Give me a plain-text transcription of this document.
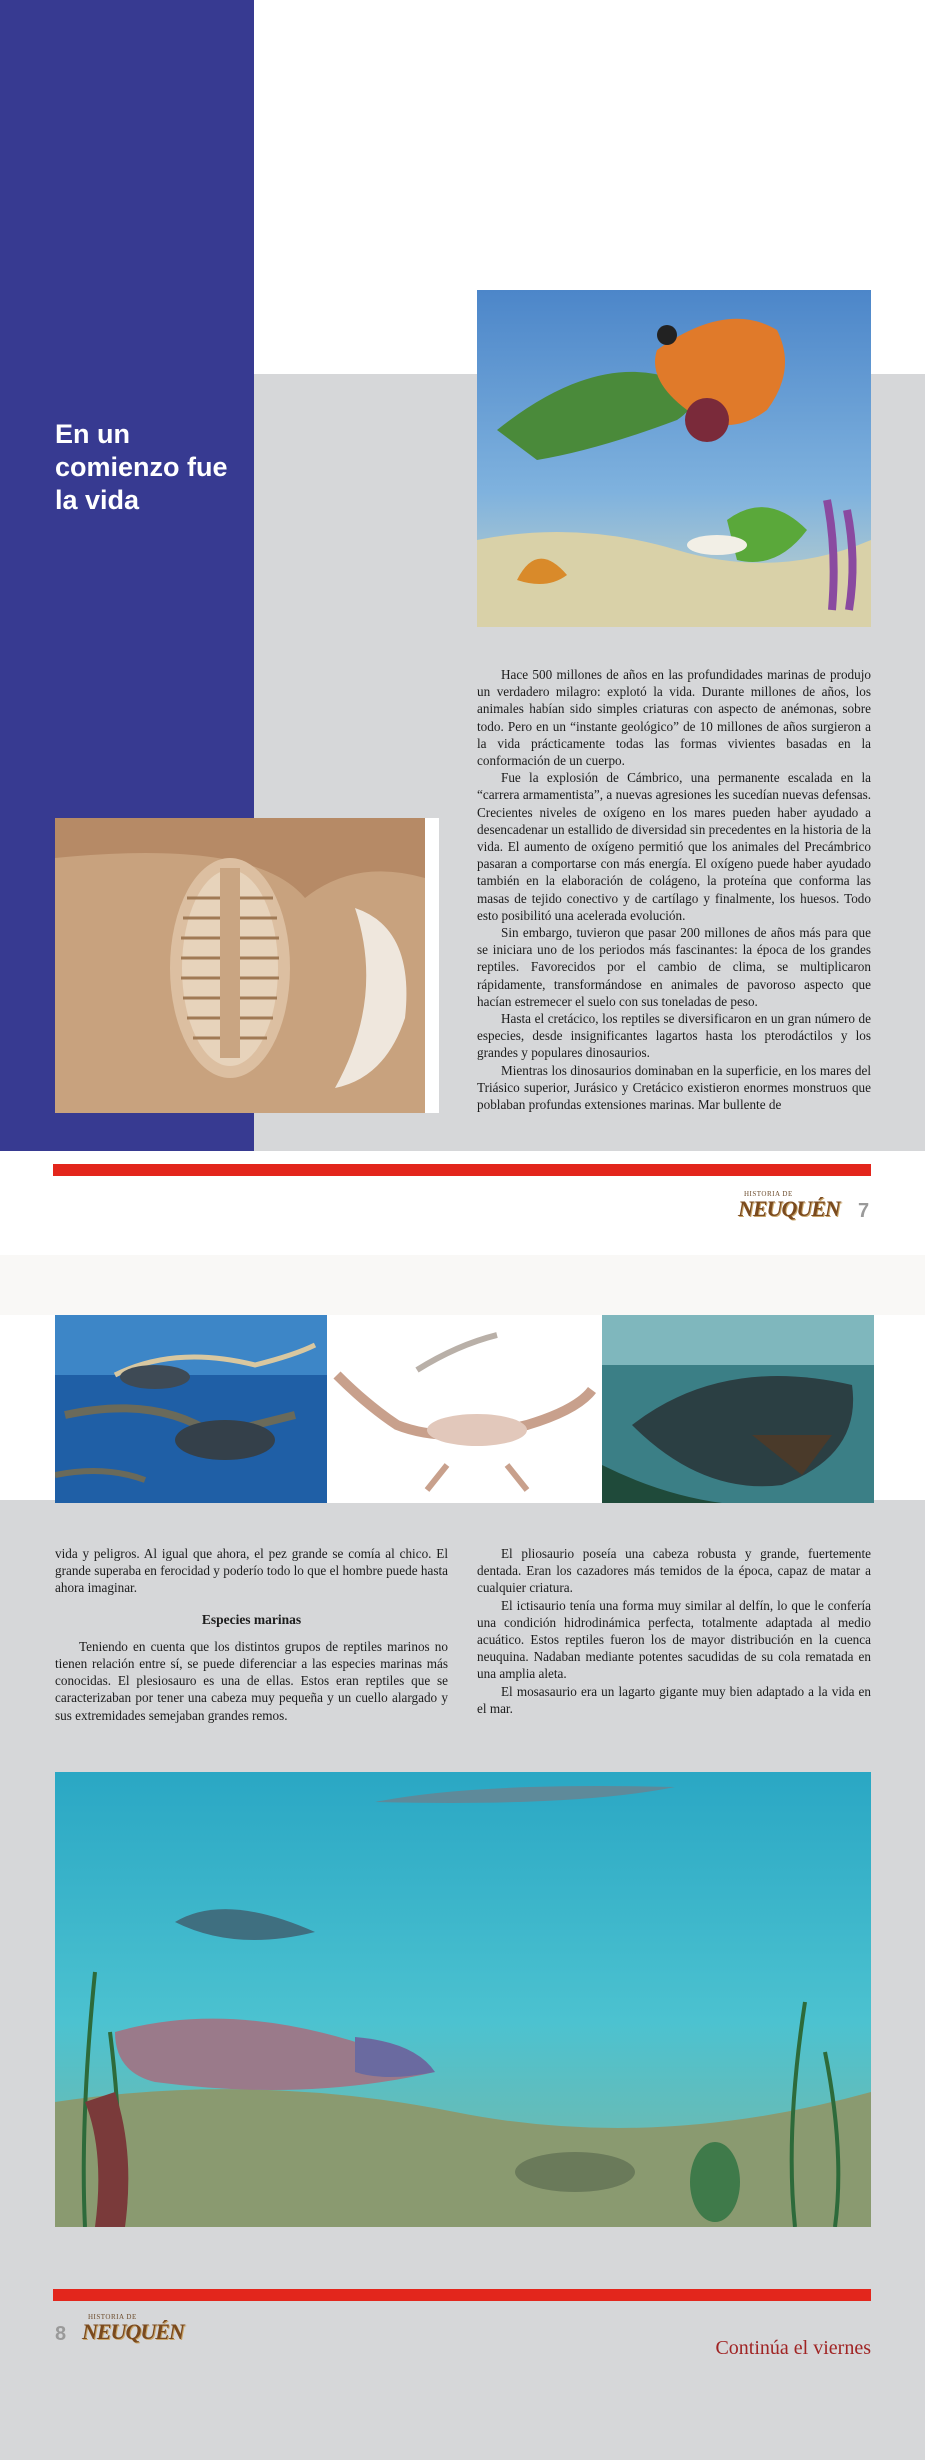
En un comienzo fue la vida

Hace 500 millones de años en las profundidades marinas de produjo un verdadero milagro: explotó la vida. Durante millones de años, los animales habían sido simples criaturas con aspecto de anémonas, sobre todo. Pero en un “instante geológico” de 10 millones de años surgieron a la vida prácticamente todas las formas vivientes basadas en la conformación de un cuerpo.

Fue la explosión de Cámbrico, una permanente escalada en la “carrera armamentista”, a nuevas agresiones les sucedían nuevas defensas. Crecientes niveles de oxígeno en los mares pueden haber ayudado a desencadenar un estallido de diversidad sin precedentes en la historia de la vida. El aumento de oxígeno permitió que los animales del Precámbrico pasaran a comportarse con más energía. El oxígeno puede haber ayudado también en la elaboración de colágeno, la proteína que conforma las masas de tejido conectivo y de cartílago y finalmente, los huesos. Todo esto posibilitó una acelerada evolución.

Sin embargo, tuvieron que pasar 200 millones de años más para que se iniciara uno de los periodos más fascinantes: la época de los grandes reptiles. Favorecidos por el cambio de clima, se multiplicaron rápidamente, transformándose en animales de pavoroso aspecto que hacían estremecer el suelo con sus toneladas de peso.

Hasta el cretácico, los reptiles se diversificaron en un gran número de especies, desde insignificantes lagartos hasta los pterodáctilos y los grandes y populares dinosaurios.

Mientras los dinosaurios dominaban en la superficie, en los mares del Triásico superior, Jurásico y Cretácico existieron enormes monstruos que poblaban profundas extensiones marinas. Mar bullente de

HISTORIA DE
NEUQUÉN 7

vida y peligros. Al igual que ahora, el pez grande se comía al chico. El grande superaba en ferocidad y poderío todo lo que el hombre puede hasta ahora imaginar.

Especies marinas

Teniendo en cuenta que los distintos grupos de reptiles marinos no tienen relación entre sí, se puede diferenciar a las especies marinas más conocidas. El plesiosauro es una de ellas. Estos eran reptiles que se caracterizaban por tener una cabeza muy pequeña y un cuello alargado y sus extremidades semejaban grandes remos.

El pliosaurio poseía una cabeza robusta y grande, fuertemente dentada. Eran los cazadores más temidos de la época, capaz de matar a cualquier criatura.

El ictisaurio tenía una forma muy similar al delfín, lo que le confería una condición hidrodinámica perfecta, totalmente adaptada al medio acuático. Estos reptiles fueron los de mayor distribución en la cuenca neuquina. Nadaban mediante potentes sacudidas de su cola rematada en una amplia aleta.

El mosasaurio era un lagarto gigante muy bien adaptado a la vida en el mar.

8
HISTORIA DE
NEUQUÉN
Continúa el viernes
